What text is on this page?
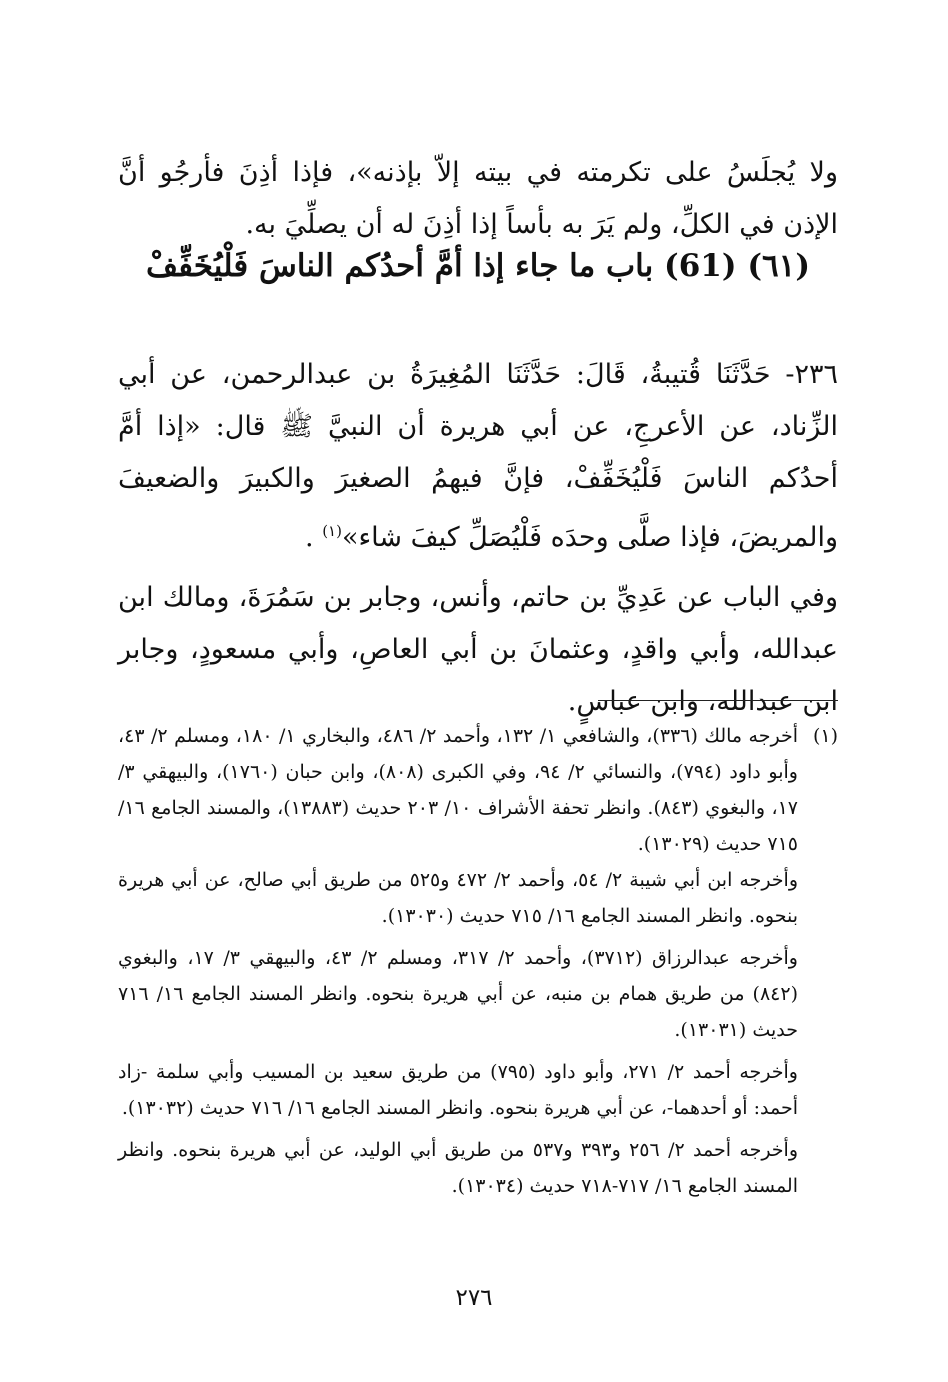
ولا يُجلَسُ على تكرمته في بيته إلاّ بإذنه»، فإذا أذِنَ فأرجُو أنَّ الإذن في الكلِّ، ولم يَرَ به بأساً إذا أذِنَ له أن يصلِّيَ به.

(٦١) (61) باب ما جاء إذا أمَّ أحدُكم الناسَ فَلْيُخَفِّفْ

٢٣٦- حَدَّثَنَا قُتيبةُ، قَالَ: حَدَّثَنَا المُغِيرَةُ بن عبدالرحمن، عن أبي الزِّناد، عن الأعرجِ، عن أبي هريرة أن النبيَّ ﷺ قال: «إذا أمَّ أحدُكم الناسَ فَلْيُخَفِّفْ، فإنَّ فيهمُ الصغيرَ والكبيرَ والضعيفَ والمريضَ، فإذا صلَّى وحدَه فَلْيُصَلِّ كيفَ شاء»$^{(١)}$ .

وفي الباب عن عَدِيِّ بن حاتم، وأنس، وجابر بن سَمُرَةَ، ومالك ابن عبدالله، وأبي واقدٍ، وعثمانَ بن أبي العاصِ، وأبي مسعودٍ، وجابر ابن عبدالله، وابن عباسٍ.

(١)
أخرجه مالك (٣٣٦)، والشافعي ١/ ١٣٢، وأحمد ٢/ ٤٨٦، والبخاري ١/ ١٨٠، ومسلم ٢/ ٤٣، وأبو داود (٧٩٤)، والنسائي ٢/ ٩٤، وفي الكبرى (٨٠٨)، وابن حبان (١٧٦٠)، والبيهقي ٣/ ١٧، والبغوي (٨٤٣). وانظر تحفة الأشراف ١٠/ ٢٠٣ حديث (١٣٨٨٣)، والمسند الجامع ١٦/ ٧١٥ حديث (١٣٠٢٩).

وأخرجه ابن أبي شيبة ٢/ ٥٤، وأحمد ٢/ ٤٧٢ و٥٢٥ من طريق أبي صالح، عن أبي هريرة بنحوه. وانظر المسند الجامع ١٦/ ٧١٥ حديث (١٣٠٣٠).

وأخرجه عبدالرزاق (٣٧١٢)، وأحمد ٢/ ٣١٧، ومسلم ٢/ ٤٣، والبيهقي ٣/ ١٧، والبغوي (٨٤٢) من طريق همام بن منبه، عن أبي هريرة بنحوه. وانظر المسند الجامع ١٦/ ٧١٦ حديث (١٣٠٣١).

وأخرجه أحمد ٢/ ٢٧١، وأبو داود (٧٩٥) من طريق سعيد بن المسيب وأبي سلمة -زاد أحمد: أو أحدهما-، عن أبي هريرة بنحوه. وانظر المسند الجامع ١٦/ ٧١٦ حديث (١٣٠٣٢).

وأخرجه أحمد ٢/ ٢٥٦ و٣٩٣ و٥٣٧ من طريق أبي الوليد، عن أبي هريرة بنحوه. وانظر المسند الجامع ١٦/ ٧١٧-٧١٨ حديث (١٣٠٣٤).

٢٧٦
